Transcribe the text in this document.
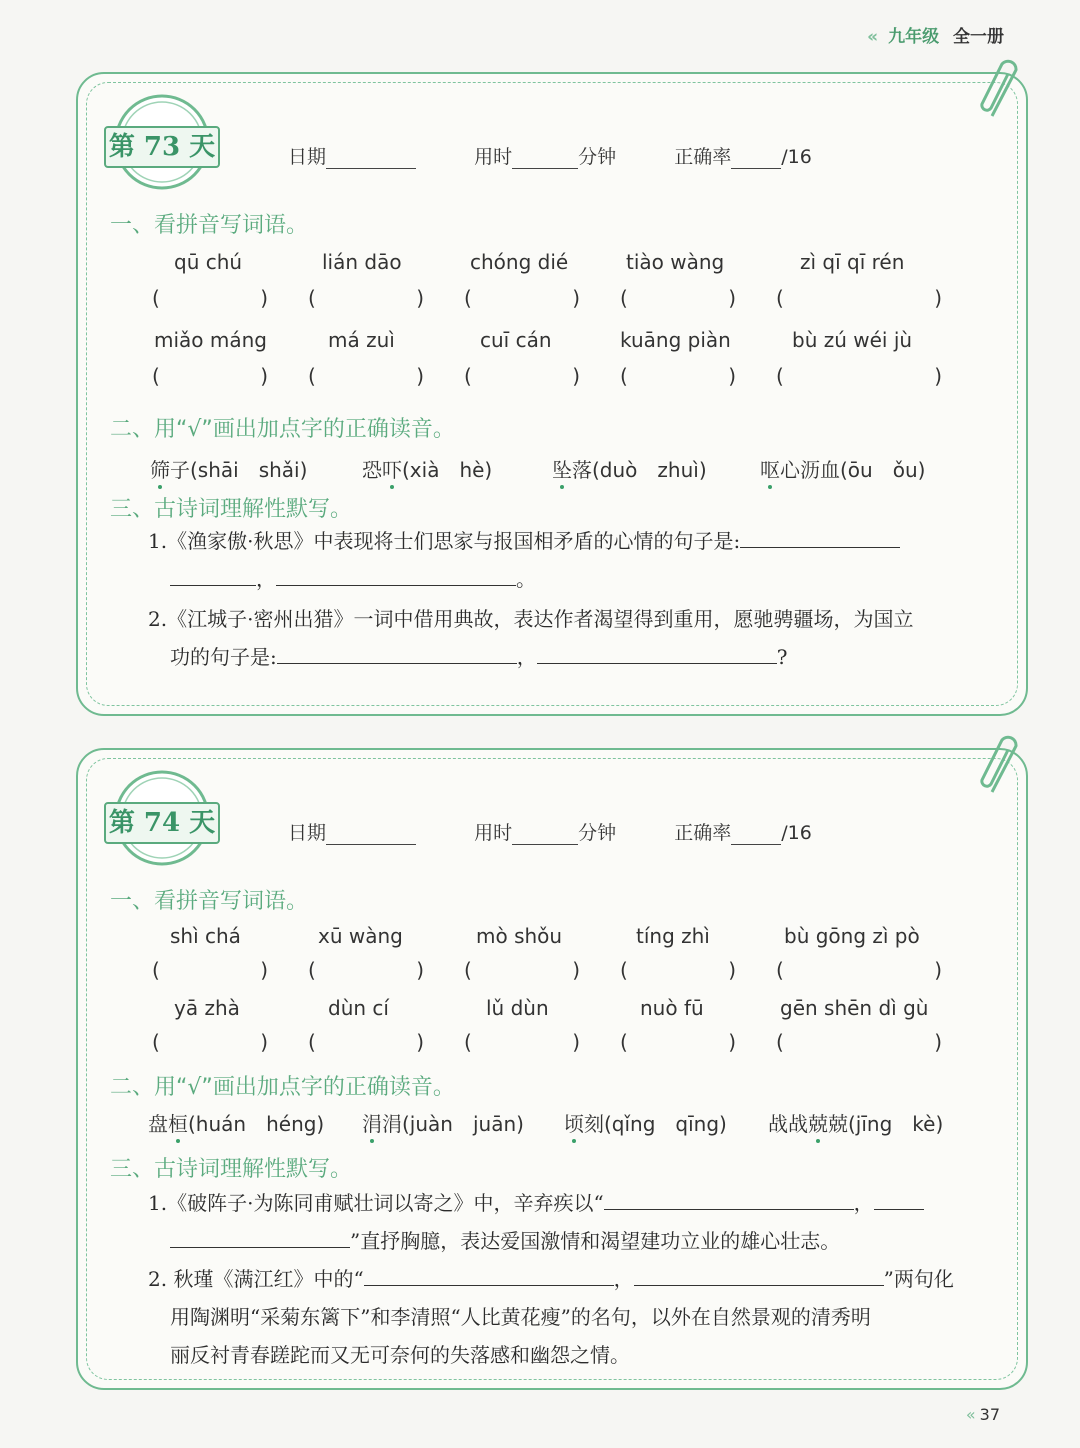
« 九年级 全一册
第 73 天	日期	用时	分钟	正确率	/16
一、看拼音写词语。
qū chú	lián dāo	chóng dié	tiào wàng	zì qī qī rén
(	) (	) (	) (	) (	)
miǎo máng	má zuì	cuī cán	kuāng piàn	bù zú wéi jù
(	) (	) (	) (	) (	)
二、用“√”画出加点字的正确读音。
筛子(shāi　shǎi)	恐吓(xià　hè)	坠落(duò　zhuì)	呕心沥血(ōu　ǒu)
三、古诗词理解性默写。
1.《渔家傲·秋思》中表现将士们思家与报国相矛盾的心情的句子是:
，	。
2.《江城子·密州出猎》一词中借用典故，表达作者渴望得到重用，愿驰骋疆场，为国立
功的句子是:	，	?
第 74 天	日期	用时	分钟	正确率	/16
一、看拼音写词语。
shì chá	xū wàng	mò shǒu	tíng zhì	bù gōng zì pò
(	) (	) (	) (	) (	)
yā zhà	dùn cí	lǔ dùn	nuò fū	gēn shēn dì gù
(	) (	) (	) (	) (	)
二、用“√”画出加点字的正确读音。
盘桓(huán　héng) 涓涓(juàn　juān) 顷刻(qǐng　qīng) 战战兢兢(jīng　kè)
三、古诗词理解性默写。
1.《破阵子·为陈同甫赋壮词以寄之》中，辛弃疾以“	，
”直抒胸臆，表达爱国激情和渴望建功立业的雄心壮志。
2. 秋瑾《满江红》中的“	，	”两句化
用陶渊明“采菊东篱下”和李清照“人比黄花瘦”的名句，以外在自然景观的清秀明
丽反衬青春蹉跎而又无可奈何的失落感和幽怨之情。
« 37
